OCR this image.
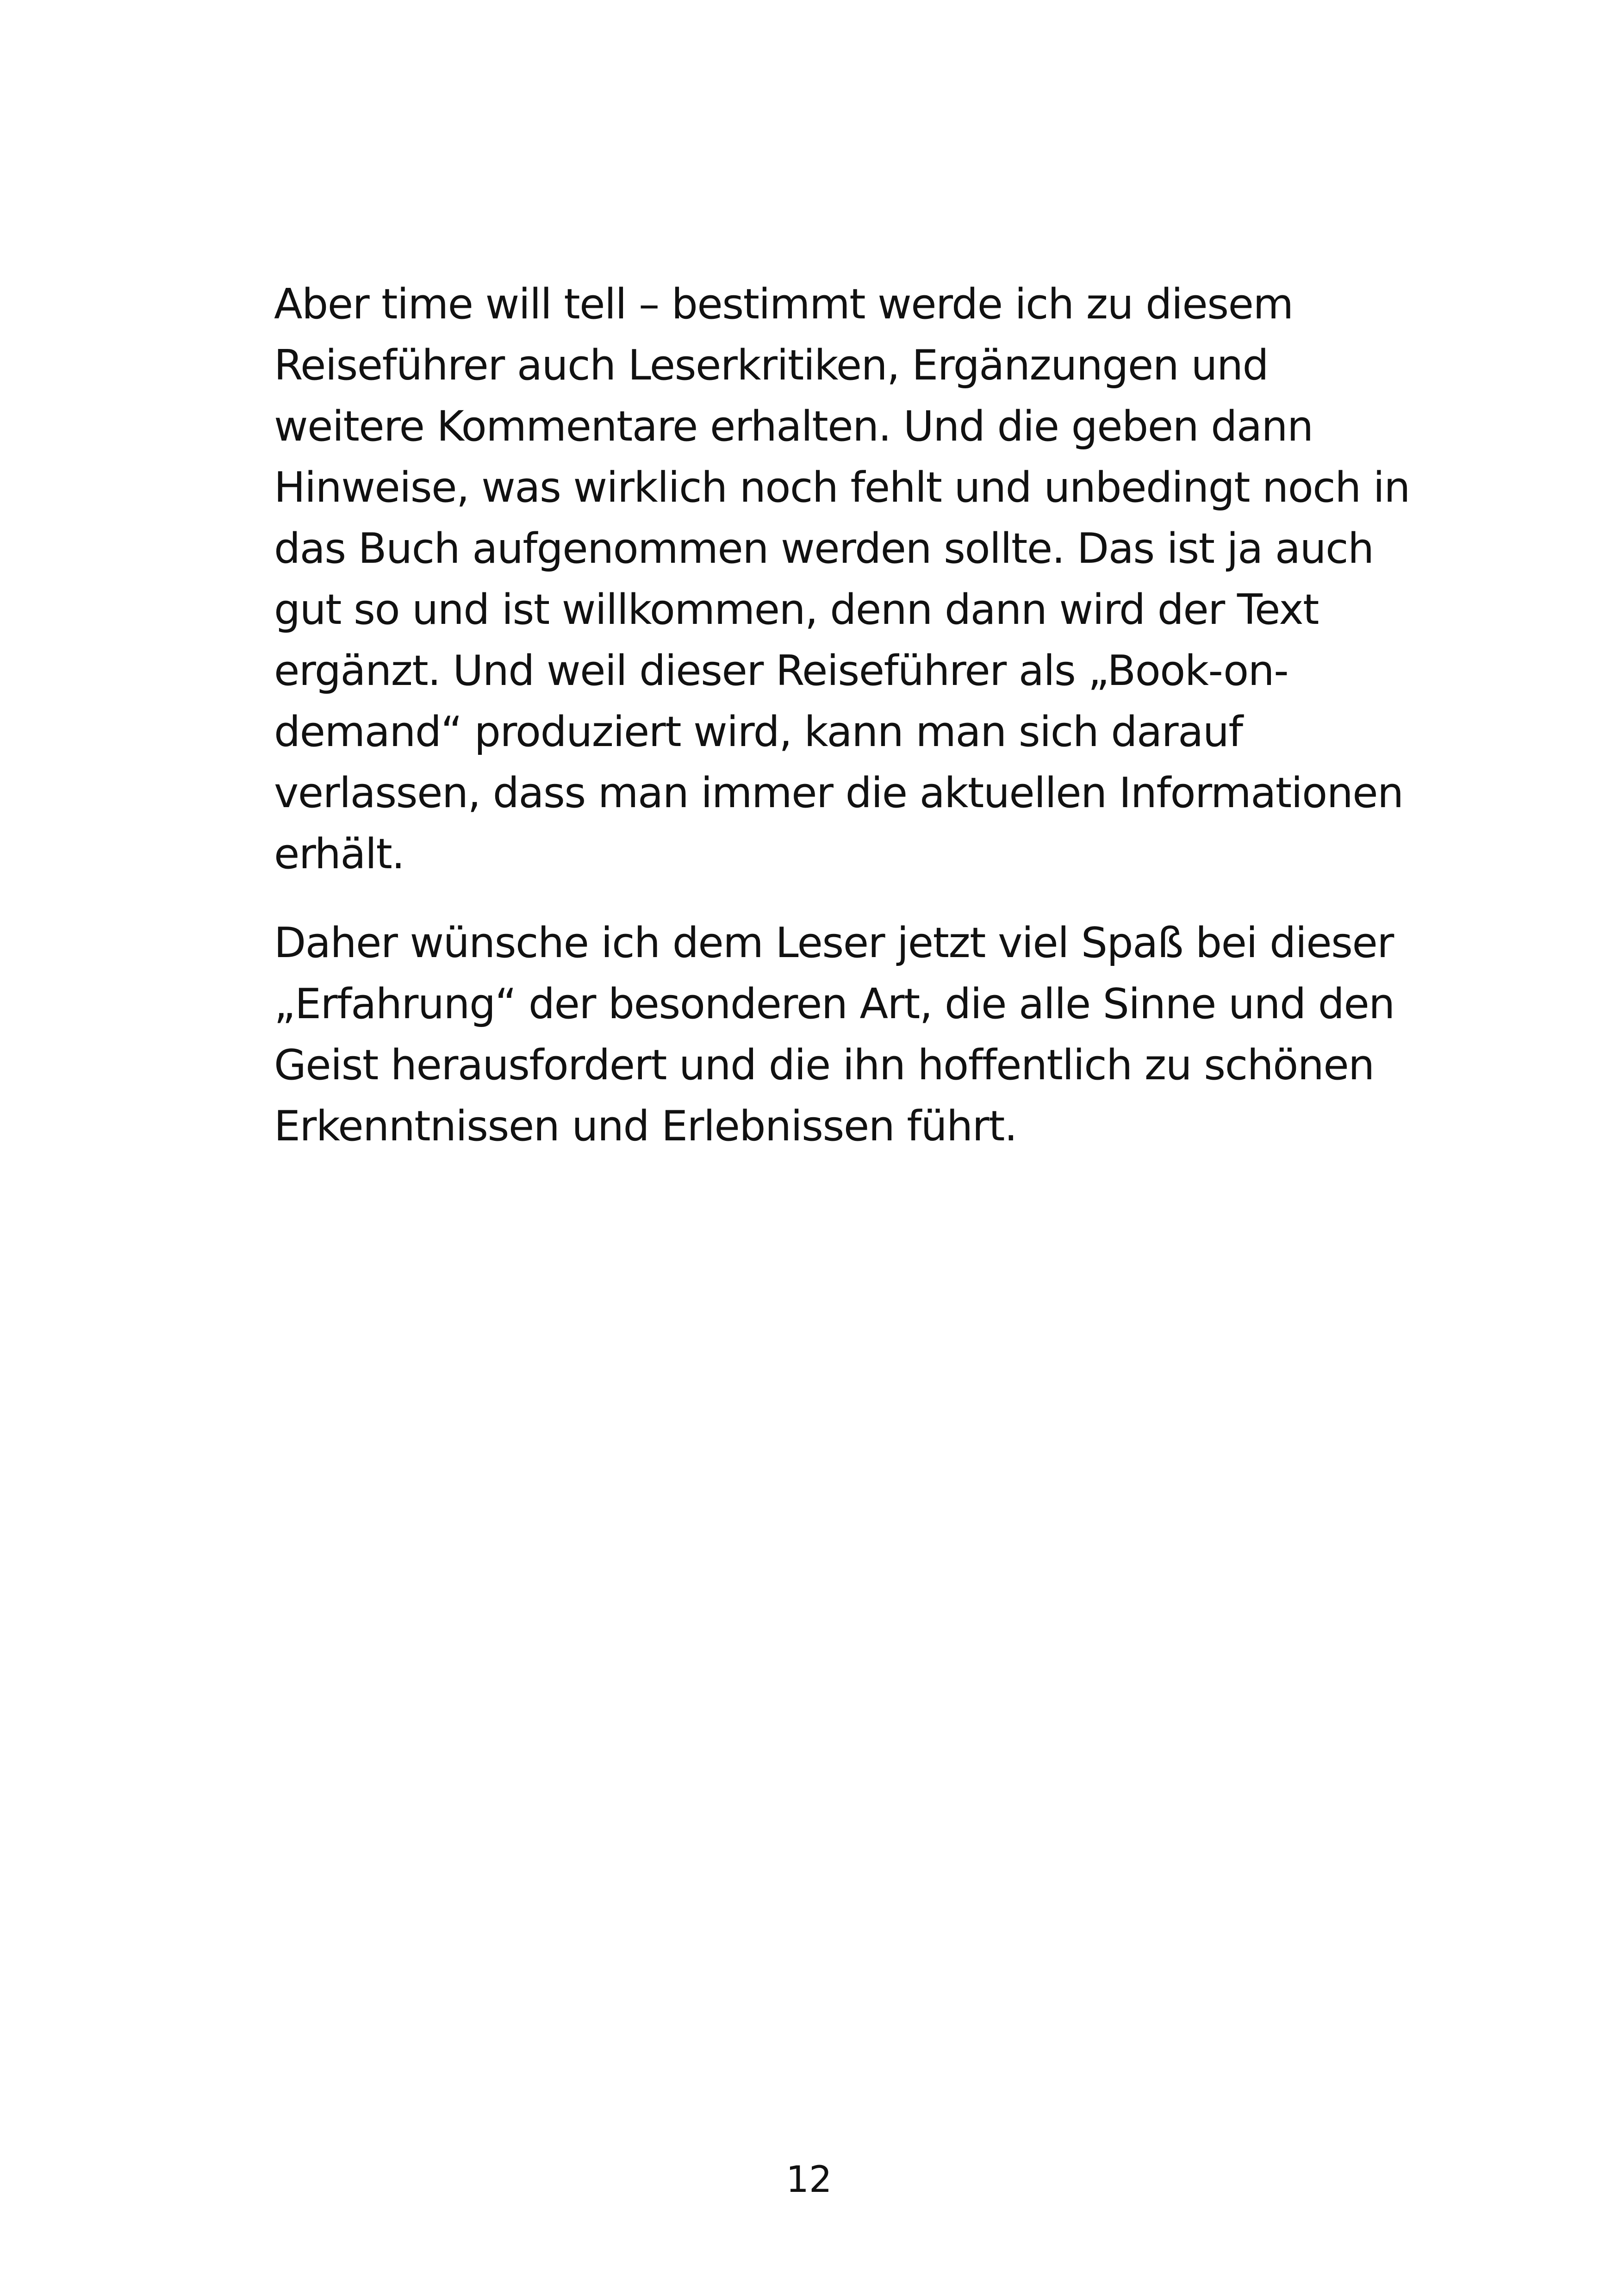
Aber time will tell – bestimmt werde ich zu diesem
Reiseführer auch Leserkritiken, Ergänzungen und
weitere Kommentare erhalten. Und die geben dann
Hinweise, was wirklich noch fehlt und unbedingt noch in
das Buch aufgenommen werden sollte. Das ist ja auch
gut so und ist willkommen, denn dann wird der Text
ergänzt. Und weil dieser Reiseführer als „Book-on-
demand“ produziert wird, kann man sich darauf
verlassen, dass man immer die aktuellen Informationen
erhält.

Daher wünsche ich dem Leser jetzt viel Spaß bei dieser
„Erfahrung“ der besonderen Art, die alle Sinne und den
Geist herausfordert und die ihn hoffentlich zu schönen
Erkenntnissen und Erlebnissen führt.

12
